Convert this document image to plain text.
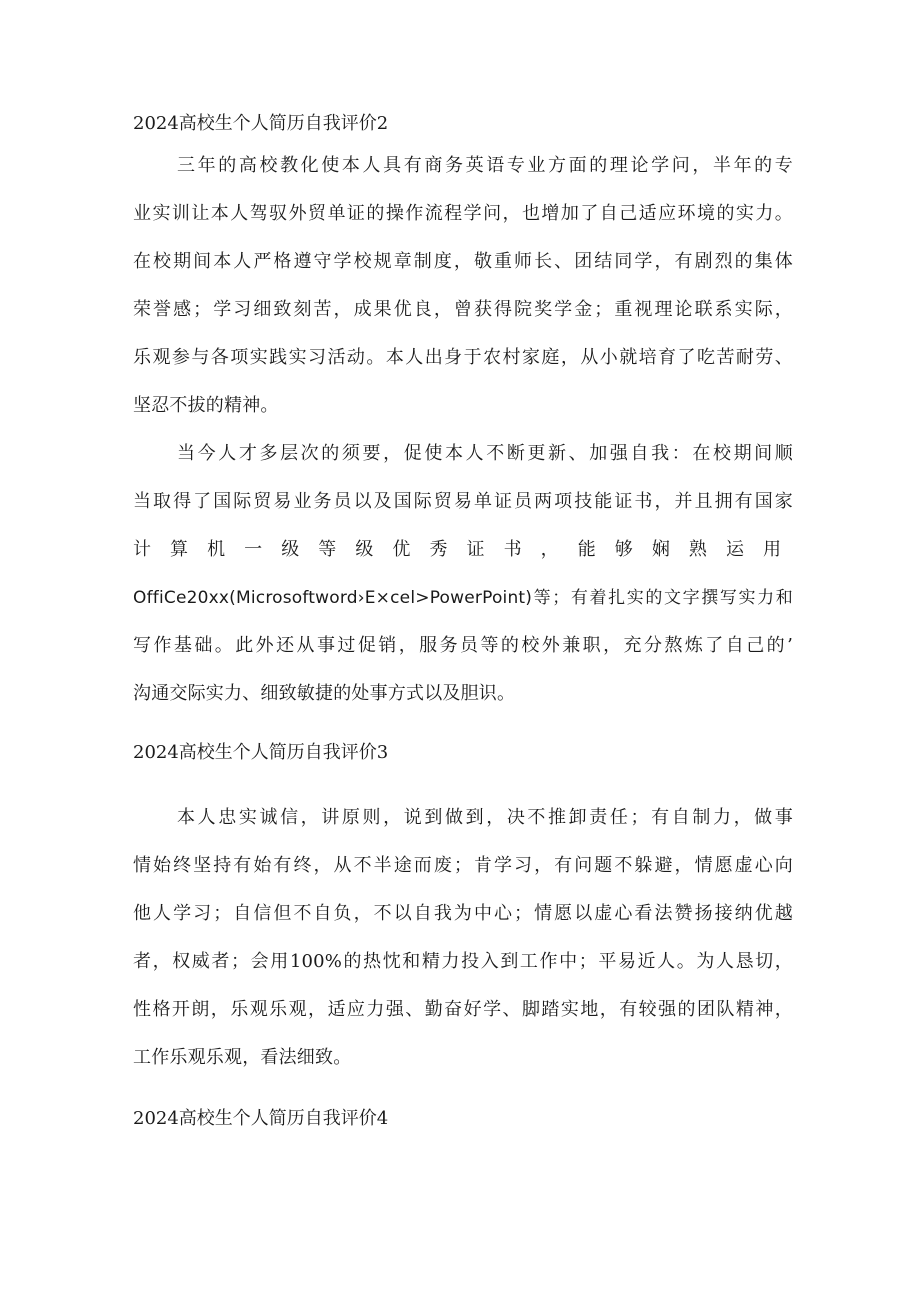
2024高校生个人简历自我评价2
三年的高校教化使本人具有商务英语专业方面的理论学问，半年的专
业实训让本人驾驭外贸单证的操作流程学问，也增加了自己适应环境的实力。
在校期间本人严格遵守学校规章制度，敬重师长、团结同学，有剧烈的集体
荣誉感；学习细致刻苦，成果优良，曾获得院奖学金；重视理论联系实际，
乐观参与各项实践实习活动。本人出身于农村家庭，从小就培育了吃苦耐劳、
坚忍不拔的精神。
当今人才多层次的须要，促使本人不断更新、加强自我：在校期间顺
当取得了国际贸易业务员以及国际贸易单证员两项技能证书，并且拥有国家
计算机一级等级优秀证书，能够娴熟运用
OffiCe20xx(Microsoftword›E×cel>PowerPoint)等；有着扎实的文字撰写实力和
写作基础。此外还从事过促销，服务员等的校外兼职，充分熬炼了自己的’
沟通交际实力、细致敏捷的处事方式以及胆识。
2024高校生个人简历自我评价3
本人忠实诚信，讲原则，说到做到，决不推卸责任；有自制力，做事
情始终坚持有始有终，从不半途而废；肯学习，有问题不躲避，情愿虚心向
他人学习；自信但不自负，不以自我为中心；情愿以虚心看法赞扬接纳优越
者，权威者；会用100%的热忱和精力投入到工作中；平易近人。为人恳切，
性格开朗，乐观乐观，适应力强、勤奋好学、脚踏实地，有较强的团队精神，
工作乐观乐观，看法细致。
2024高校生个人简历自我评价4
